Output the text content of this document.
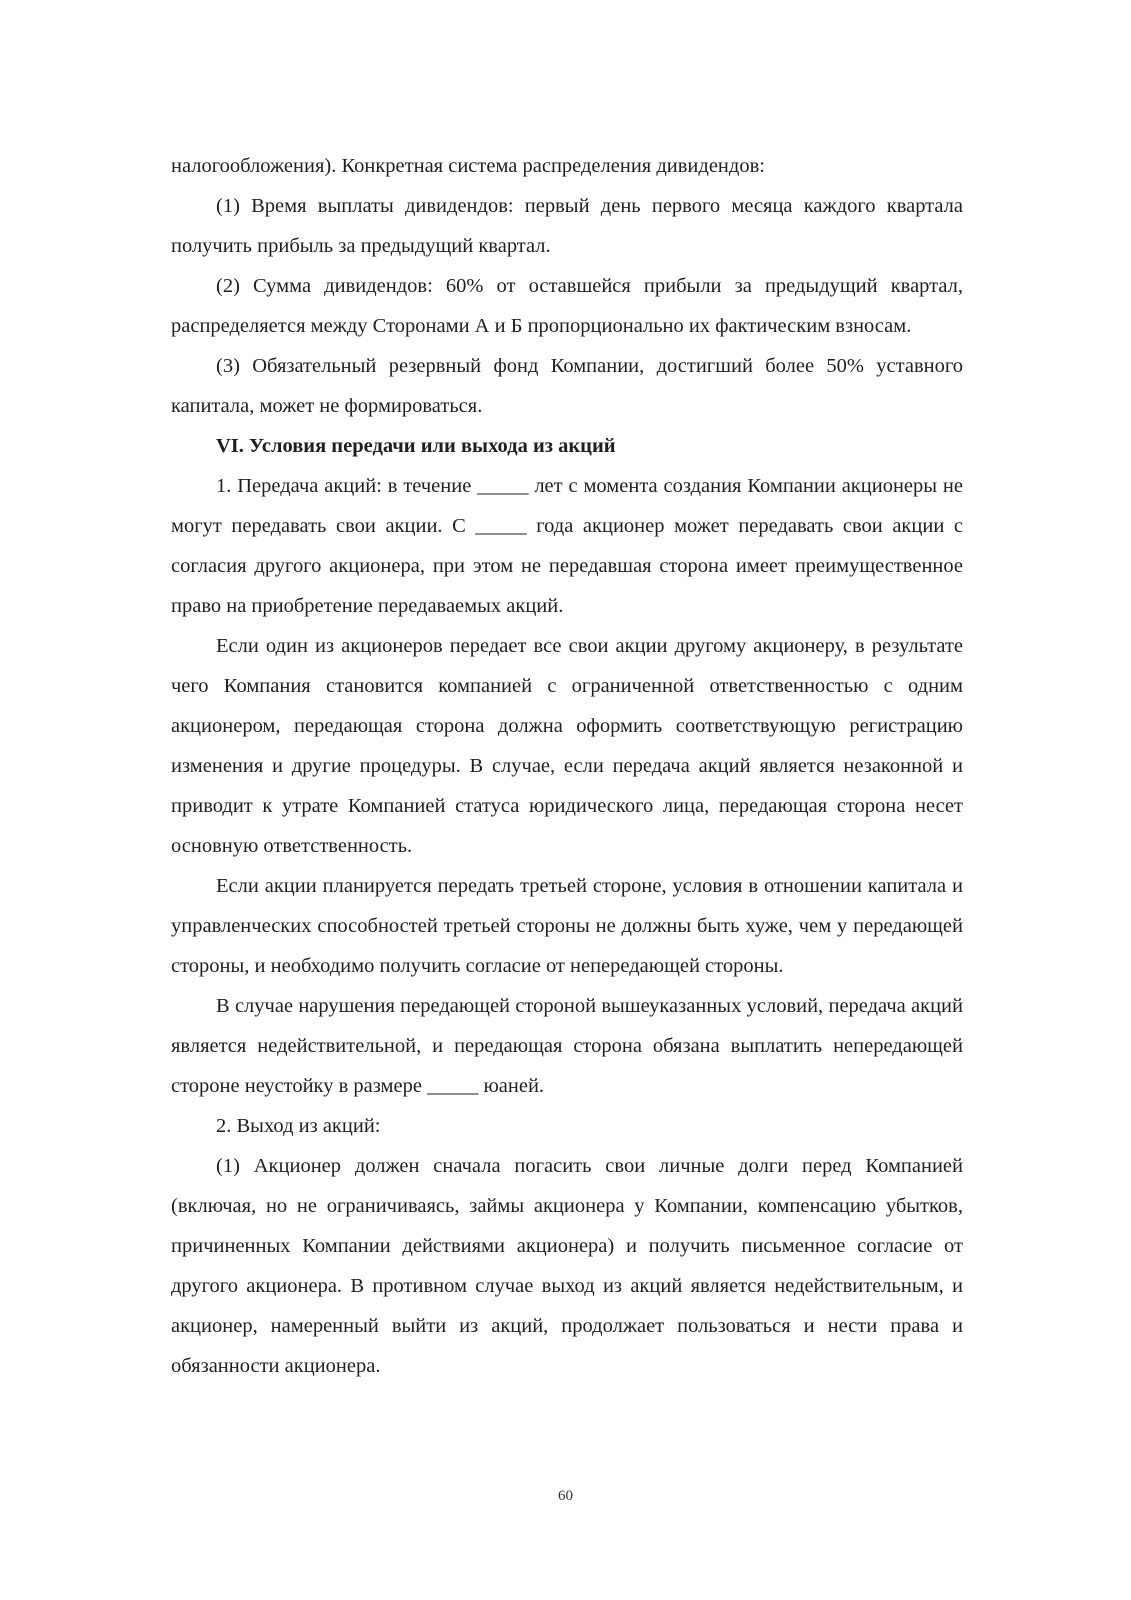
налогообложения). Конкретная система распределения дивидендов:

(1) Время выплаты дивидендов: первый день первого месяца каждого квартала получить прибыль за предыдущий квартал.

(2) Сумма дивидендов: 60% от оставшейся прибыли за предыдущий квартал, распределяется между Сторонами А и Б пропорционально их фактическим взносам.

(3) Обязательный резервный фонд Компании, достигший более 50% уставного капитала, может не формироваться.

VI. Условия передачи или выхода из акций

1. Передача акций: в течение _____ лет с момента создания Компании акционеры не могут передавать свои акции. С _____ года акционер может передавать свои акции с согласия другого акционера, при этом не передавшая сторона имеет преимущественное право на приобретение передаваемых акций.

Если один из акционеров передает все свои акции другому акционеру, в результате чего Компания становится компанией с ограниченной ответственностью с одним акционером, передающая сторона должна оформить соответствующую регистрацию изменения и другие процедуры. В случае, если передача акций является незаконной и приводит к утрате Компанией статуса юридического лица, передающая сторона несет основную ответственность.

Если акции планируется передать третьей стороне, условия в отношении капитала и управленческих способностей третьей стороны не должны быть хуже, чем у передающей стороны, и необходимо получить согласие от непередающей стороны.

В случае нарушения передающей стороной вышеуказанных условий, передача акций является недействительной, и передающая сторона обязана выплатить непередающей стороне неустойку в размере _____ юаней.

2. Выход из акций:

(1) Акционер должен сначала погасить свои личные долги перед Компанией (включая, но не ограничиваясь, займы акционера у Компании, компенсацию убытков, причиненных Компании действиями акционера) и получить письменное согласие от другого акционера. В противном случае выход из акций является недействительным, и акционер, намеренный выйти из акций, продолжает пользоваться и нести права и обязанности акционера.

60
